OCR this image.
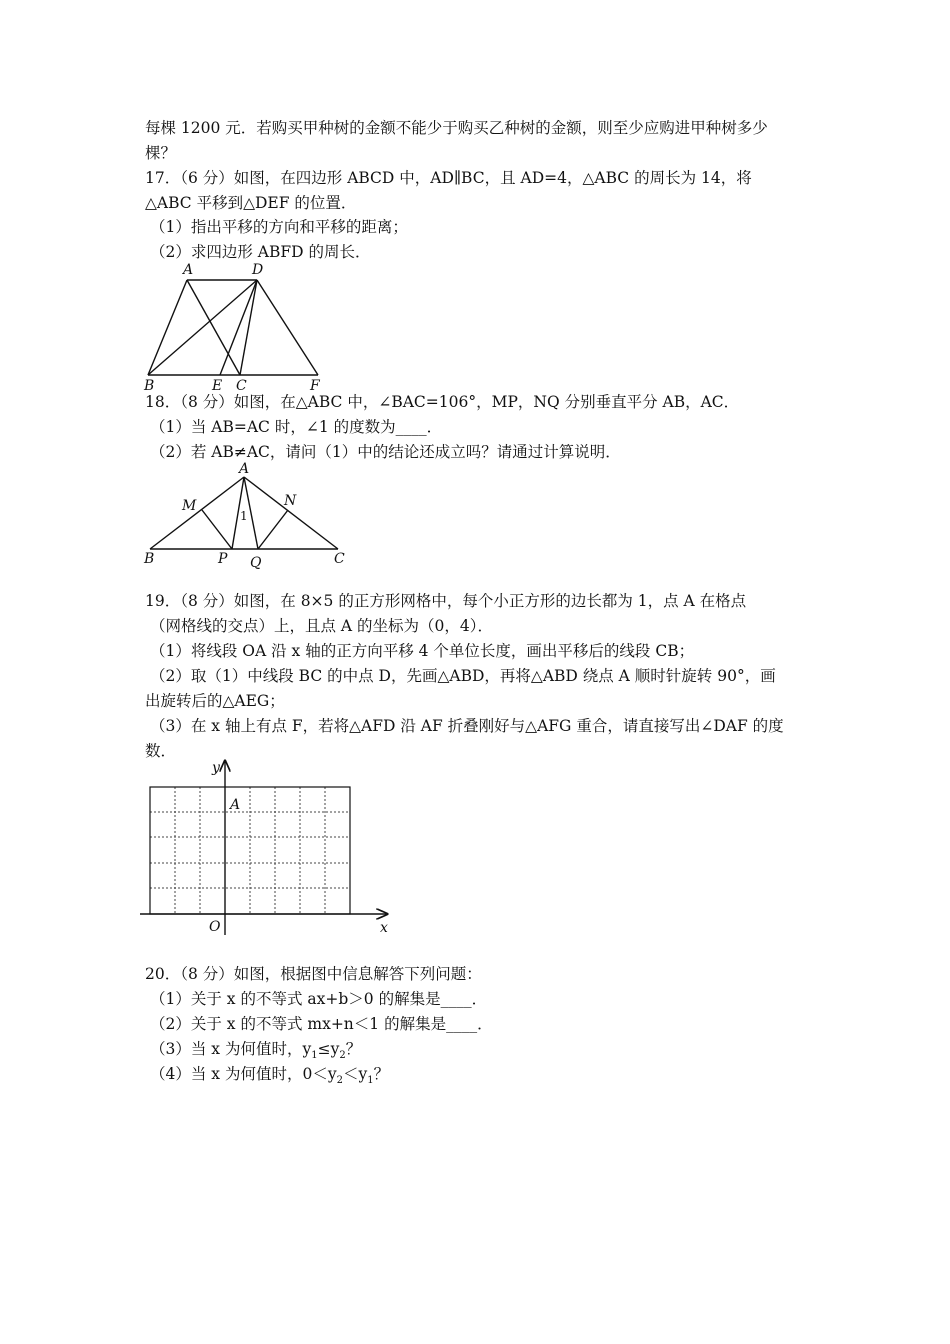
每棵 1200 元．若购买甲种树的金额不能少于购买乙种树的金额，则至少应购进甲种树多少
棵？
17．（6 分）如图，在四边形 ABCD 中，AD∥BC，且 AD=4，△ABC 的周长为 14，将
△ABC 平移到△DEF 的位置．
（1）指出平移的方向和平移的距离；
（2）求四边形 ABFD 的周长．
A	D
B	E C	F
18．（8 分）如图，在△ABC 中，∠BAC=106°，MP，NQ 分别垂直平分 AB，AC．
（1）当 AB=AC 时，∠1 的度数为____．
（2）若 AB≠AC，请问（1）中的结论还成立吗？请通过计算说明．
A
M	N
1
B	P Q	C
19．（8 分）如图，在 8×5 的正方形网格中，每个小正方形的边长都为 1，点 A 在格点
（网格线的交点）上，且点 A 的坐标为（0，4）．
（1）将线段 OA 沿 x 轴的正方向平移 4 个单位长度，画出平移后的线段 CB；
（2）取（1）中线段 BC 的中点 D，先画△ABD，再将△ABD 绕点 A 顺时针旋转 90°，画
出旋转后的△AEG；
（3）在 x 轴上有点 F，若将△AFD 沿 AF 折叠刚好与△AFG 重合，请直接写出∠DAF 的度
数．
y
A
O	x
20．（8 分）如图，根据图中信息解答下列问题：
（1）关于 x 的不等式 ax+b＞0 的解集是____．
（2）关于 x 的不等式 mx+n＜1 的解集是____．
（3）当 x 为何值时，$y_1\le y_2$？
（4）当 x 为何值时，$0<y_2<y_1$？
